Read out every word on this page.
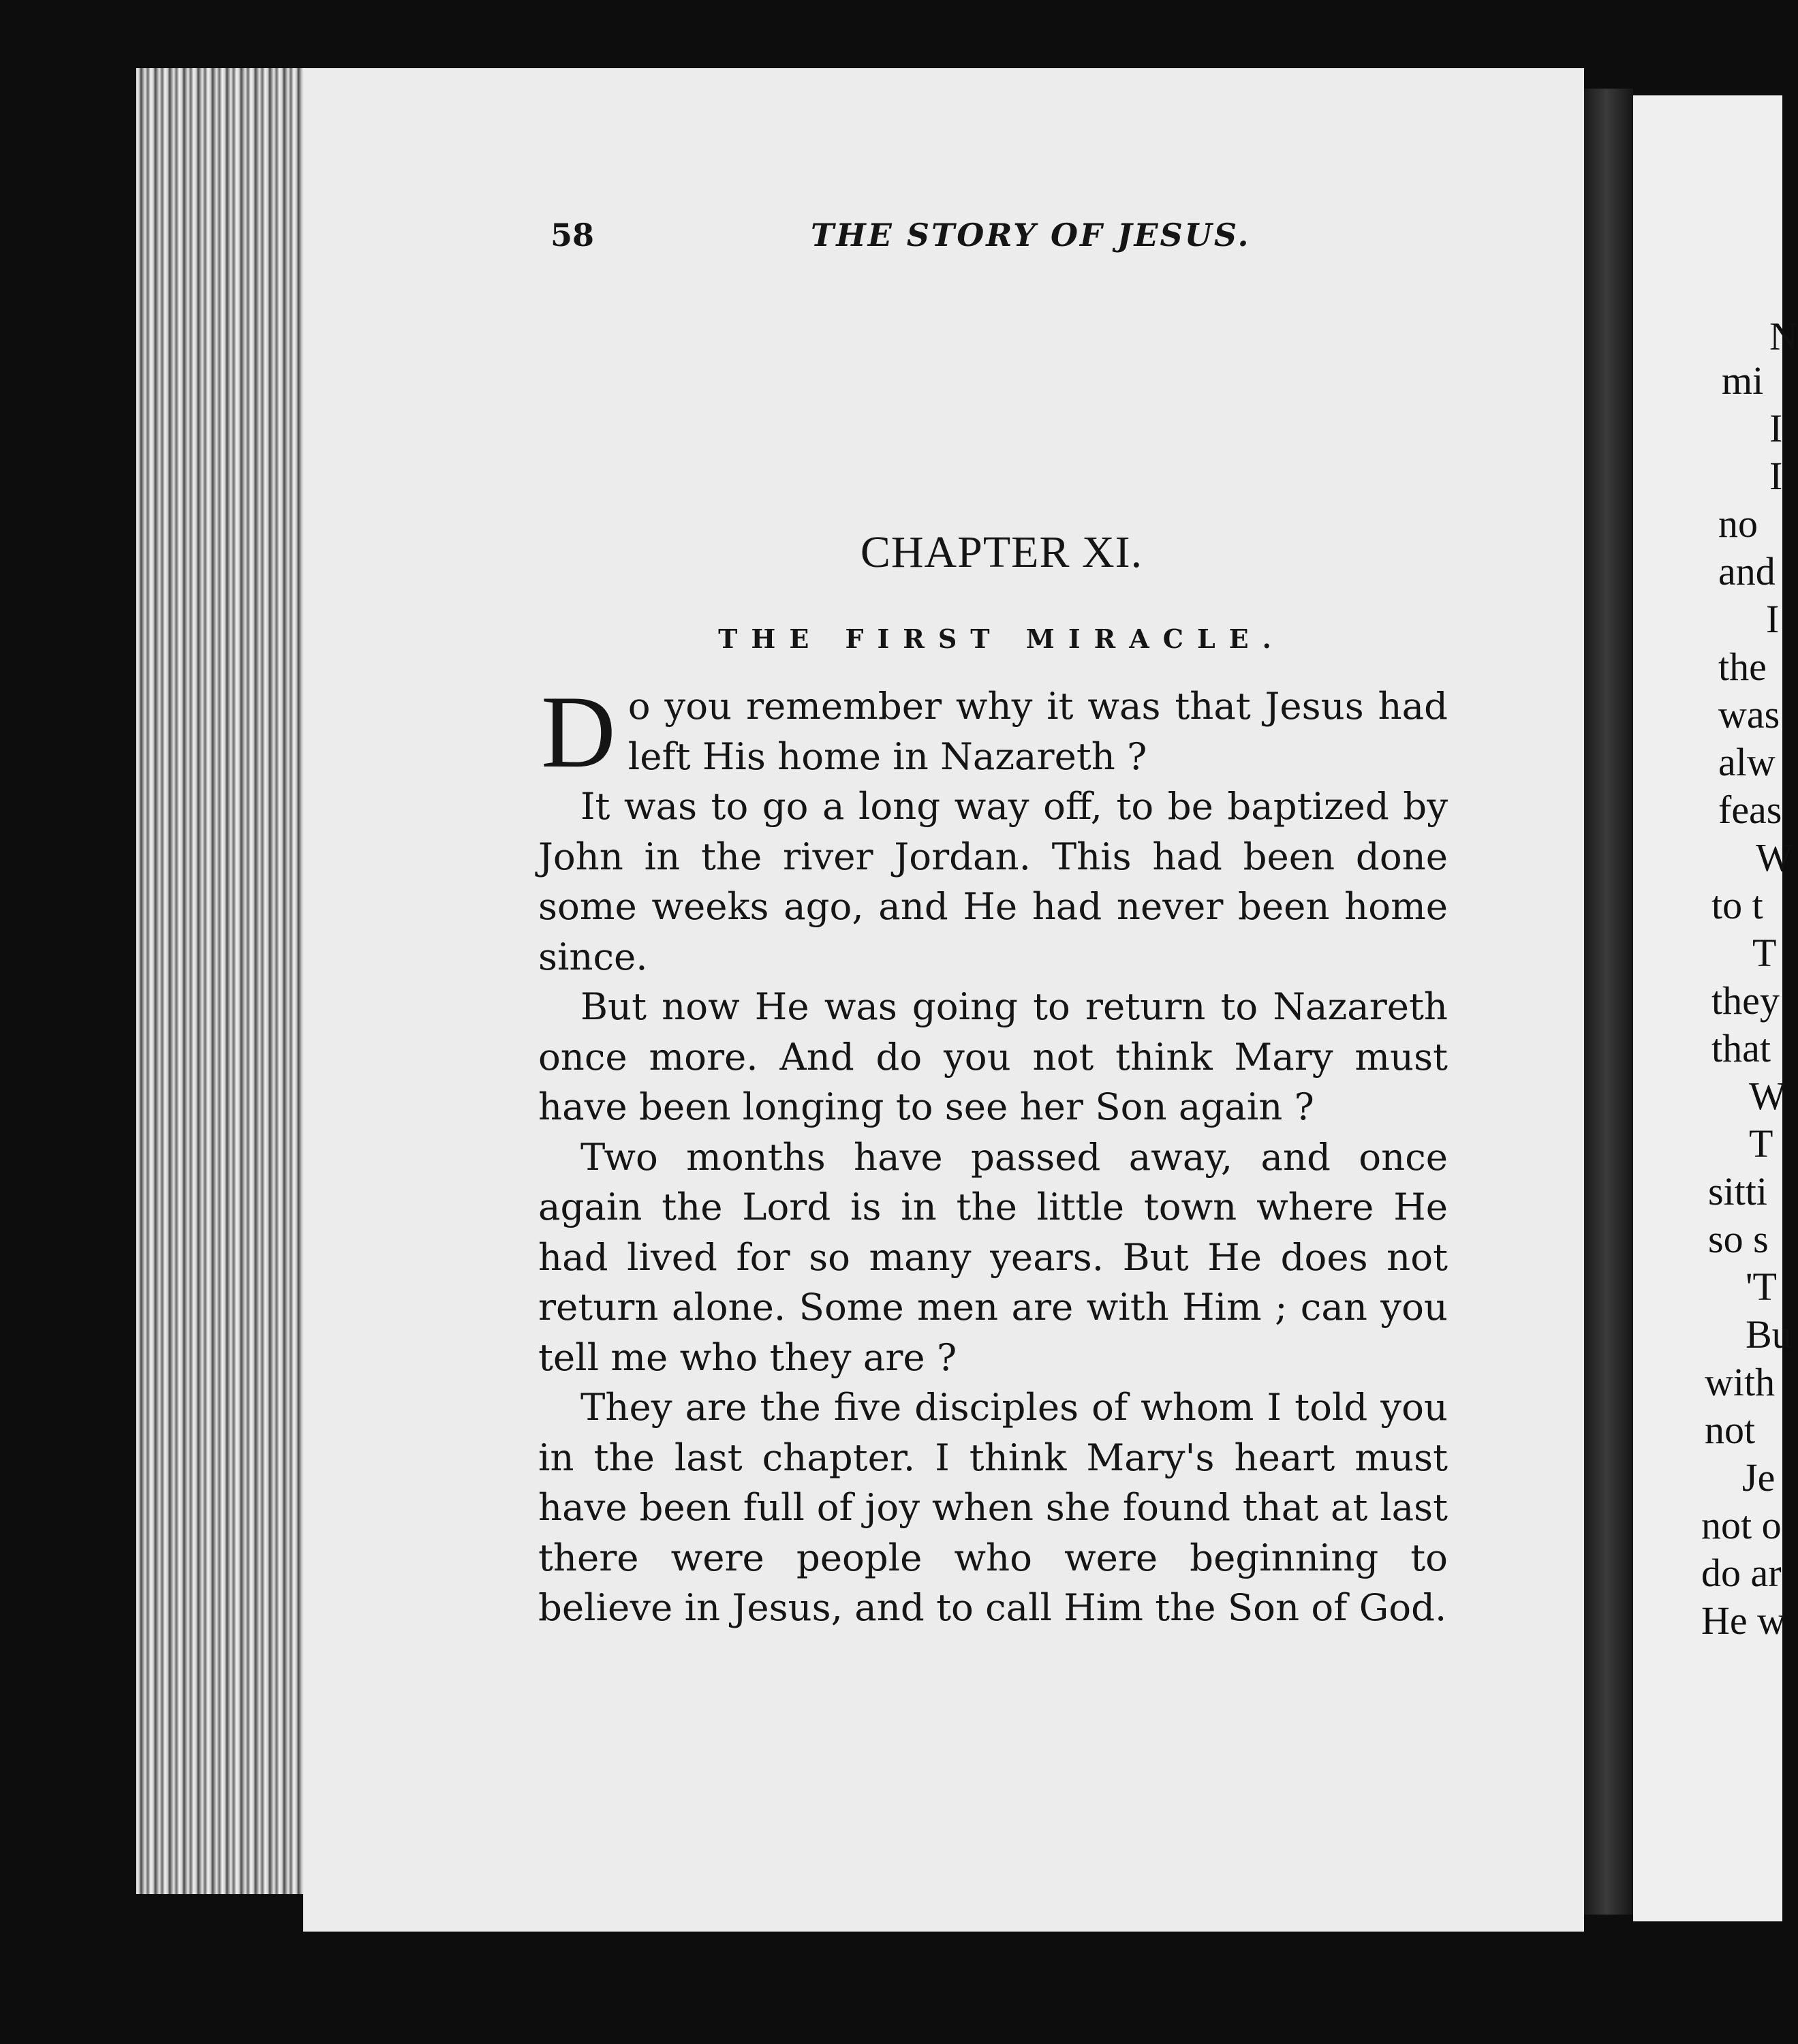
N
mi
I
I
no
and
I
the
was
alw
feas
W
to t
T
they
that
W
T
sitti
so s
'T
Bu
with
not
Je
not o
do ar
He w
58	THE STORY OF JESUS.
CHAPTER XI.
THE FIRST MIRACLE.

Do you remember why it was that Jesus had left His home in Nazareth ?

It was to go a long way off, to be baptized by John in the river Jordan. This had been done some weeks ago, and He had never been home since.

But now He was going to return to Nazareth once more. And do you not think Mary must have been longing to see her Son again ?

Two months have passed away, and once again the Lord is in the little town where He had lived for so many years. But He does not return alone. Some men are with Him ; can you tell me who they are ?

They are the five disciples of whom I told you in the last chapter. I think Mary's heart must have been full of joy when she found that at last there were people who were beginning to believe in Jesus, and to call Him the Son of God.
